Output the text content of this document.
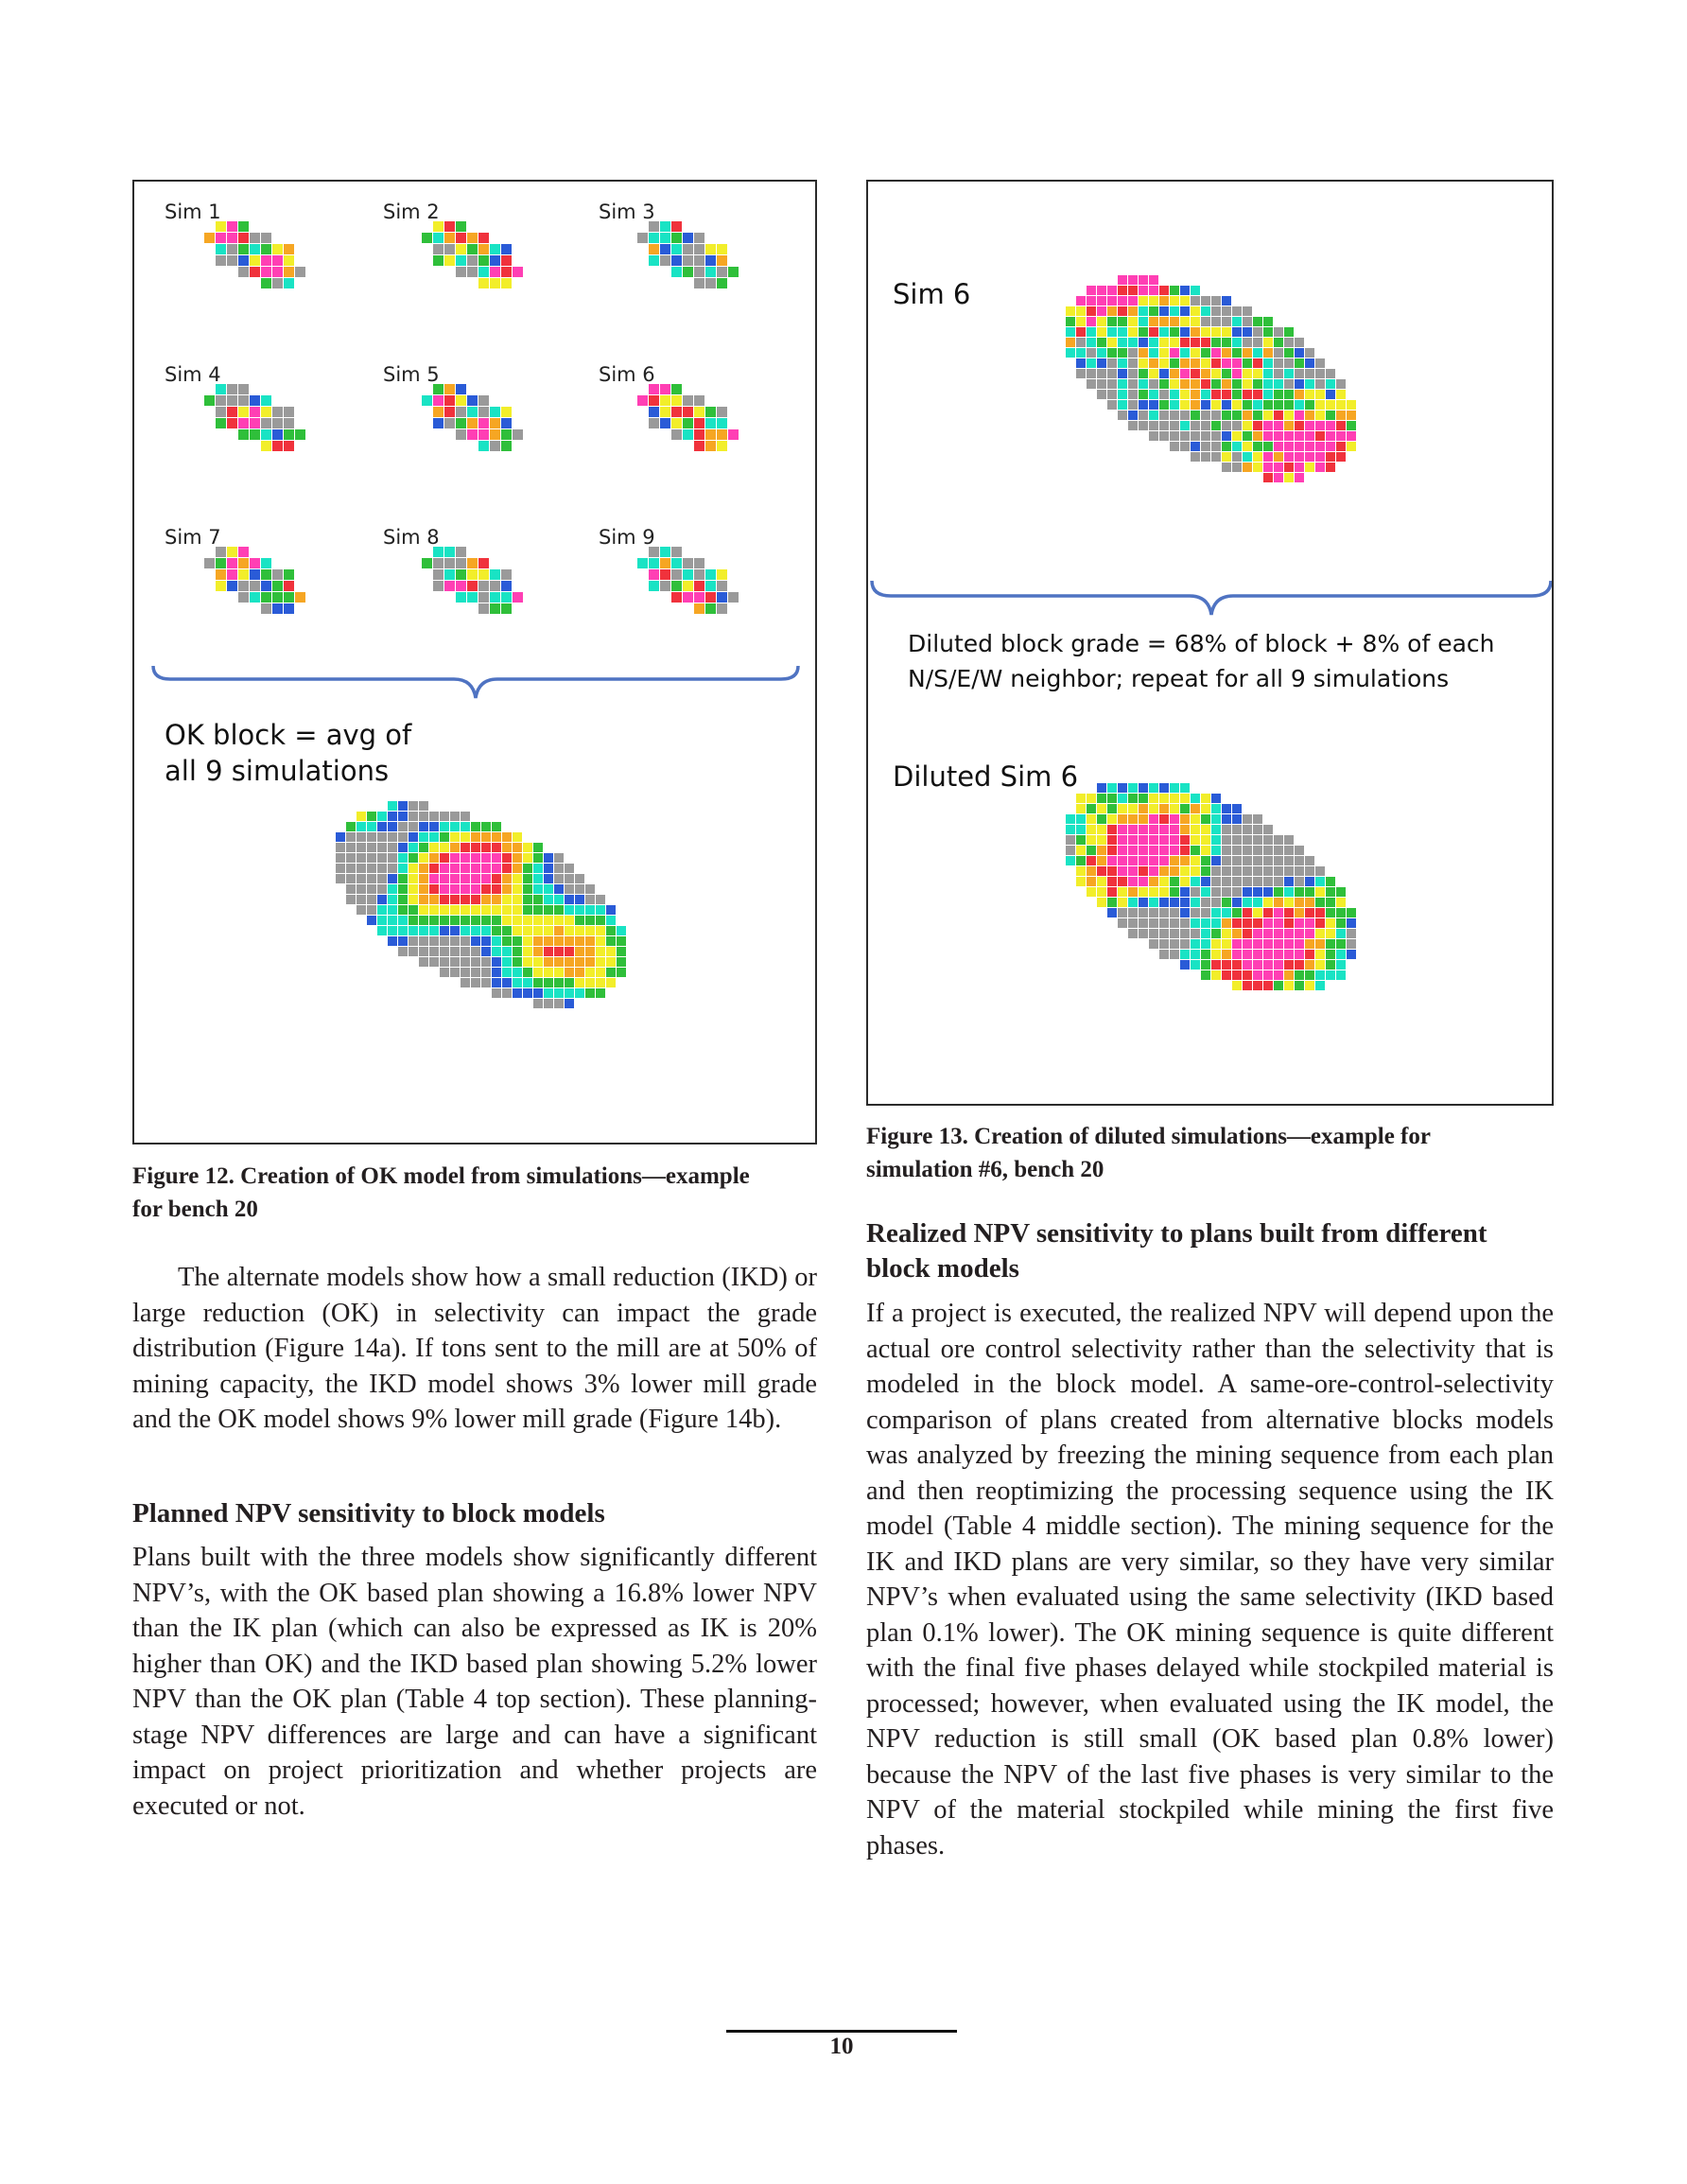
Sim 1	Sim 2	Sim 3
Sim 4	Sim 5	Sim 6
Sim 7	Sim 8	Sim 9
OK block = avg of all 9 simulations
Figure 12. Creation of OK model from simulations—example for bench 20
Sim 6
Diluted block grade = 68% of block + 8% of each N/S/E/W neighbor; repeat for all 9 simulations
Diluted Sim 6
Figure 13. Creation of diluted simulations—example for simulation #6, bench 20

The alternate models show how a small reduction (IKD) or large reduction (OK) in selectivity can impact the grade distribution (Figure 14a). If tons sent to the mill are at 50% of mining capacity, the IKD model shows 3% lower mill grade and the OK model shows 9% lower mill grade (Figure 14b).

Planned NPV sensitivity to block models

Plans built with the three models show significantly different NPV’s, with the OK based plan showing a 16.8% lower NPV than the IK plan (which can also be expressed as IK is 20% higher than OK) and the IKD based plan showing 5.2% lower NPV than the OK plan (Table 4 top section). These planning-stage NPV differences are large and can have a significant impact on project prioritization and whether projects are executed or not.

Realized NPV sensitivity to plans built from different block models

If a project is executed, the realized NPV will depend upon the actual ore control selectivity rather than the selectivity that is modeled in the block model. A same-ore-control-selectivity comparison of plans created from alternative blocks models was analyzed by freezing the mining sequence from each plan and then reoptimizing the processing sequence using the IK model (Table 4 middle section). The mining sequence for the IK and IKD plans are very similar, so they have very similar NPV’s when evaluated using the same selectivity (IKD based plan 0.1% lower). The OK mining sequence is quite different with the final five phases delayed while stockpiled material is processed; however, when evaluated using the IK model, the NPV reduction is still small (OK based plan 0.8% lower) because the NPV of the last five phases is very similar to the NPV of the material stockpiled while mining the first five phases.

10
